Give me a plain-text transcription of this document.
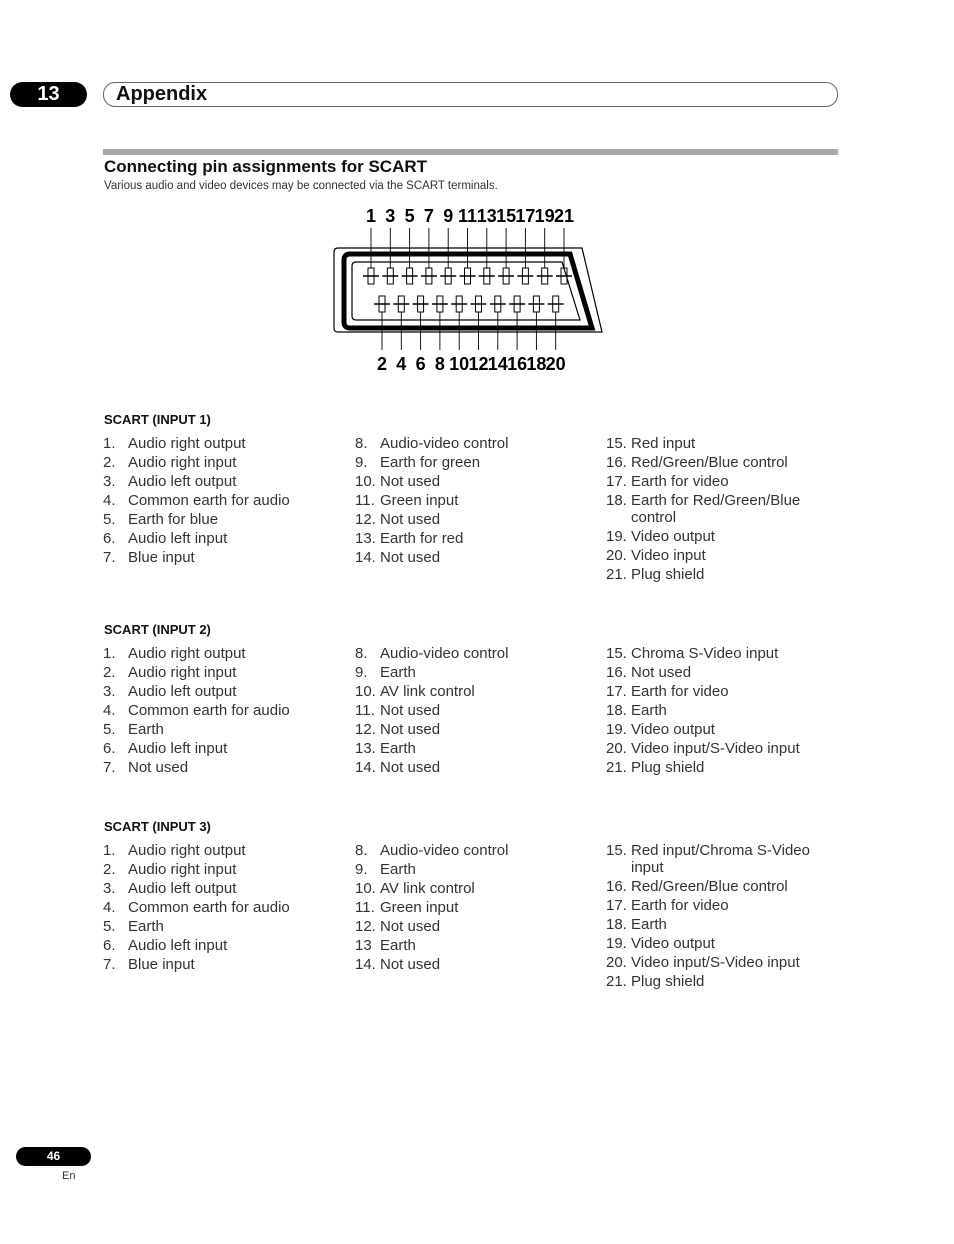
13	Appendix
Connecting pin assignments for SCART
Various audio and video devices may be connected via the SCART terminals.
1 3 5 7 9 11 13 15 17 19 21
2 4 6 8 10 12 14 16 18 20
SCART (INPUT 1)
1. Audio right output
2. Audio right input
3. Audio left output
4. Common earth for audio
5. Earth for blue
6. Audio left input
7. Blue input
8. Audio-video control
9. Earth for green
10. Not used
11. Green input
12. Not used
13. Earth for red
14. Not used
15. Red input
16. Red/Green/Blue control
17. Earth for video
18. Earth for Red/Green/Blue control
19. Video output
20. Video input
21. Plug shield
SCART (INPUT 2)
1. Audio right output
2. Audio right input
3. Audio left output
4. Common earth for audio
5. Earth
6. Audio left input
7. Not used
8. Audio-video control
9. Earth
10. AV link control
11. Not used
12. Not used
13. Earth
14. Not used
15. Chroma S-Video input
16. Not used
17. Earth for video
18. Earth
19. Video output
20. Video input/S-Video input
21. Plug shield
SCART (INPUT 3)
1. Audio right output
2. Audio right input
3. Audio left output
4. Common earth for audio
5. Earth
6. Audio left input
7. Blue input
8. Audio-video control
9. Earth
10. AV link control
11. Green input
12. Not used
13 Earth
14. Not used
15. Red input/Chroma S-Video input
16. Red/Green/Blue control
17. Earth for video
18. Earth
19. Video output
20. Video input/S-Video input
21. Plug shield
46
En
